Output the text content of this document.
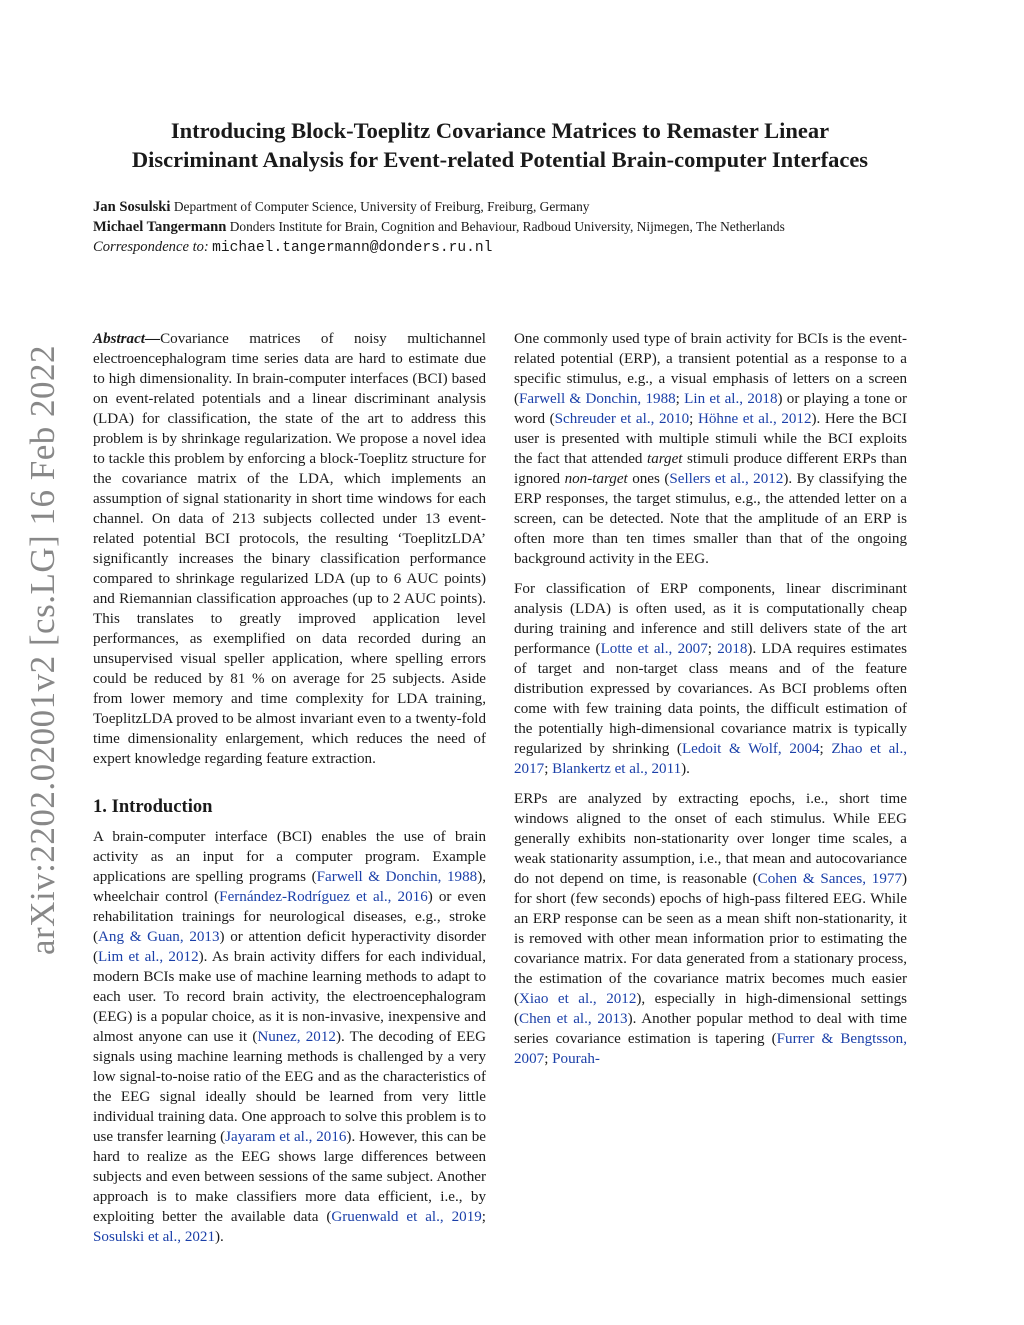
arXiv:2202.02001v2 [cs.LG] 16 Feb 2022
Introducing Block-Toeplitz Covariance Matrices to Remaster Linear
Discriminant Analysis for Event-related Potential Brain-computer Interfaces
Jan Sosulski Department of Computer Science, University of Freiburg, Freiburg, Germany
Michael Tangermann Donders Institute for Brain, Cognition and Behaviour, Radboud University, Nijmegen, The Netherlands
Correspondence to: michael.tangermann@donders.ru.nl

Abstract—Covariance matrices of noisy multichannel electroencephalogram time series data are hard to estimate due to high dimensionality. In brain-computer interfaces (BCI) based on event-related potentials and a linear discriminant analysis (LDA) for classification, the state of the art to address this problem is by shrinkage regularization. We propose a novel idea to tackle this problem by enforcing a block-Toeplitz structure for the covariance matrix of the LDA, which implements an assumption of signal stationarity in short time windows for each channel. On data of 213 subjects collected under 13 event-related potential BCI protocols, the resulting ‘ToeplitzLDA’ significantly increases the binary classification performance compared to shrinkage regularized LDA (up to 6 AUC points) and Riemannian classification approaches (up to 2 AUC points). This translates to greatly improved application level performances, as exemplified on data recorded during an unsupervised visual speller application, where spelling errors could be reduced by 81 % on average for 25 subjects. Aside from lower memory and time complexity for LDA training, ToeplitzLDA proved to be almost invariant even to a twenty-fold time dimensionality enlargement, which reduces the need of expert knowledge regarding feature extraction.

1. Introduction

A brain-computer interface (BCI) enables the use of brain activity as an input for a computer program. Example applications are spelling programs (Farwell & Donchin, 1988), wheelchair control (Fernández-Rodríguez et al., 2016) or even rehabilitation trainings for neurological diseases, e.g., stroke (Ang & Guan, 2013) or attention deficit hyperactivity disorder (Lim et al., 2012). As brain activity differs for each individual, modern BCIs make use of machine learning methods to adapt to each user. To record brain activity, the electroencephalogram (EEG) is a popular choice, as it is non-invasive, inexpensive and almost anyone can use it (Nunez, 2012). The decoding of EEG signals using machine learning methods is challenged by a very low signal-to-noise ratio of the EEG and as the characteristics of the EEG signal ideally should be learned from very little individual training data. One approach to solve this problem is to use transfer learning (Jayaram et al., 2016). However, this can be hard to realize as the EEG shows large differences between subjects and even between sessions of the same subject. Another approach is to make classifiers more data efficient, i.e., by exploiting better the available data (Gruenwald et al., 2019; Sosulski et al., 2021).

One commonly used type of brain activity for BCIs is the event-related potential (ERP), a transient potential as a response to a specific stimulus, e.g., a visual emphasis of letters on a screen (Farwell & Donchin, 1988; Lin et al., 2018) or playing a tone or word (Schreuder et al., 2010; Höhne et al., 2012). Here the BCI user is presented with multiple stimuli while the BCI exploits the fact that attended target stimuli produce different ERPs than ignored non-target ones (Sellers et al., 2012). By classifying the ERP responses, the target stimulus, e.g., the attended letter on a screen, can be detected. Note that the amplitude of an ERP is often more than ten times smaller than that of the ongoing background activity in the EEG.

For classification of ERP components, linear discriminant analysis (LDA) is often used, as it is computationally cheap during training and inference and still delivers state of the art performance (Lotte et al., 2007; 2018). LDA requires estimates of target and non-target class means and of the feature distribution expressed by covariances. As BCI problems often come with few training data points, the difficult estimation of the potentially high-dimensional covariance matrix is typically regularized by shrinking (Ledoit & Wolf, 2004; Zhao et al., 2017; Blankertz et al., 2011).

ERPs are analyzed by extracting epochs, i.e., short time windows aligned to the onset of each stimulus. While EEG generally exhibits non-stationarity over longer time scales, a weak stationarity assumption, i.e., that mean and autocovariance do not depend on time, is reasonable (Cohen & Sances, 1977) for short (few seconds) epochs of high-pass filtered EEG. While an ERP response can be seen as a mean shift non-stationarity, it is removed with other mean information prior to estimating the covariance matrix. For data generated from a stationary process, the estimation of the covariance matrix becomes much easier (Xiao et al., 2012), especially in high-dimensional settings (Chen et al., 2013). Another popular method to deal with time series covariance estimation is tapering (Furrer & Bengtsson, 2007; Pourah-
